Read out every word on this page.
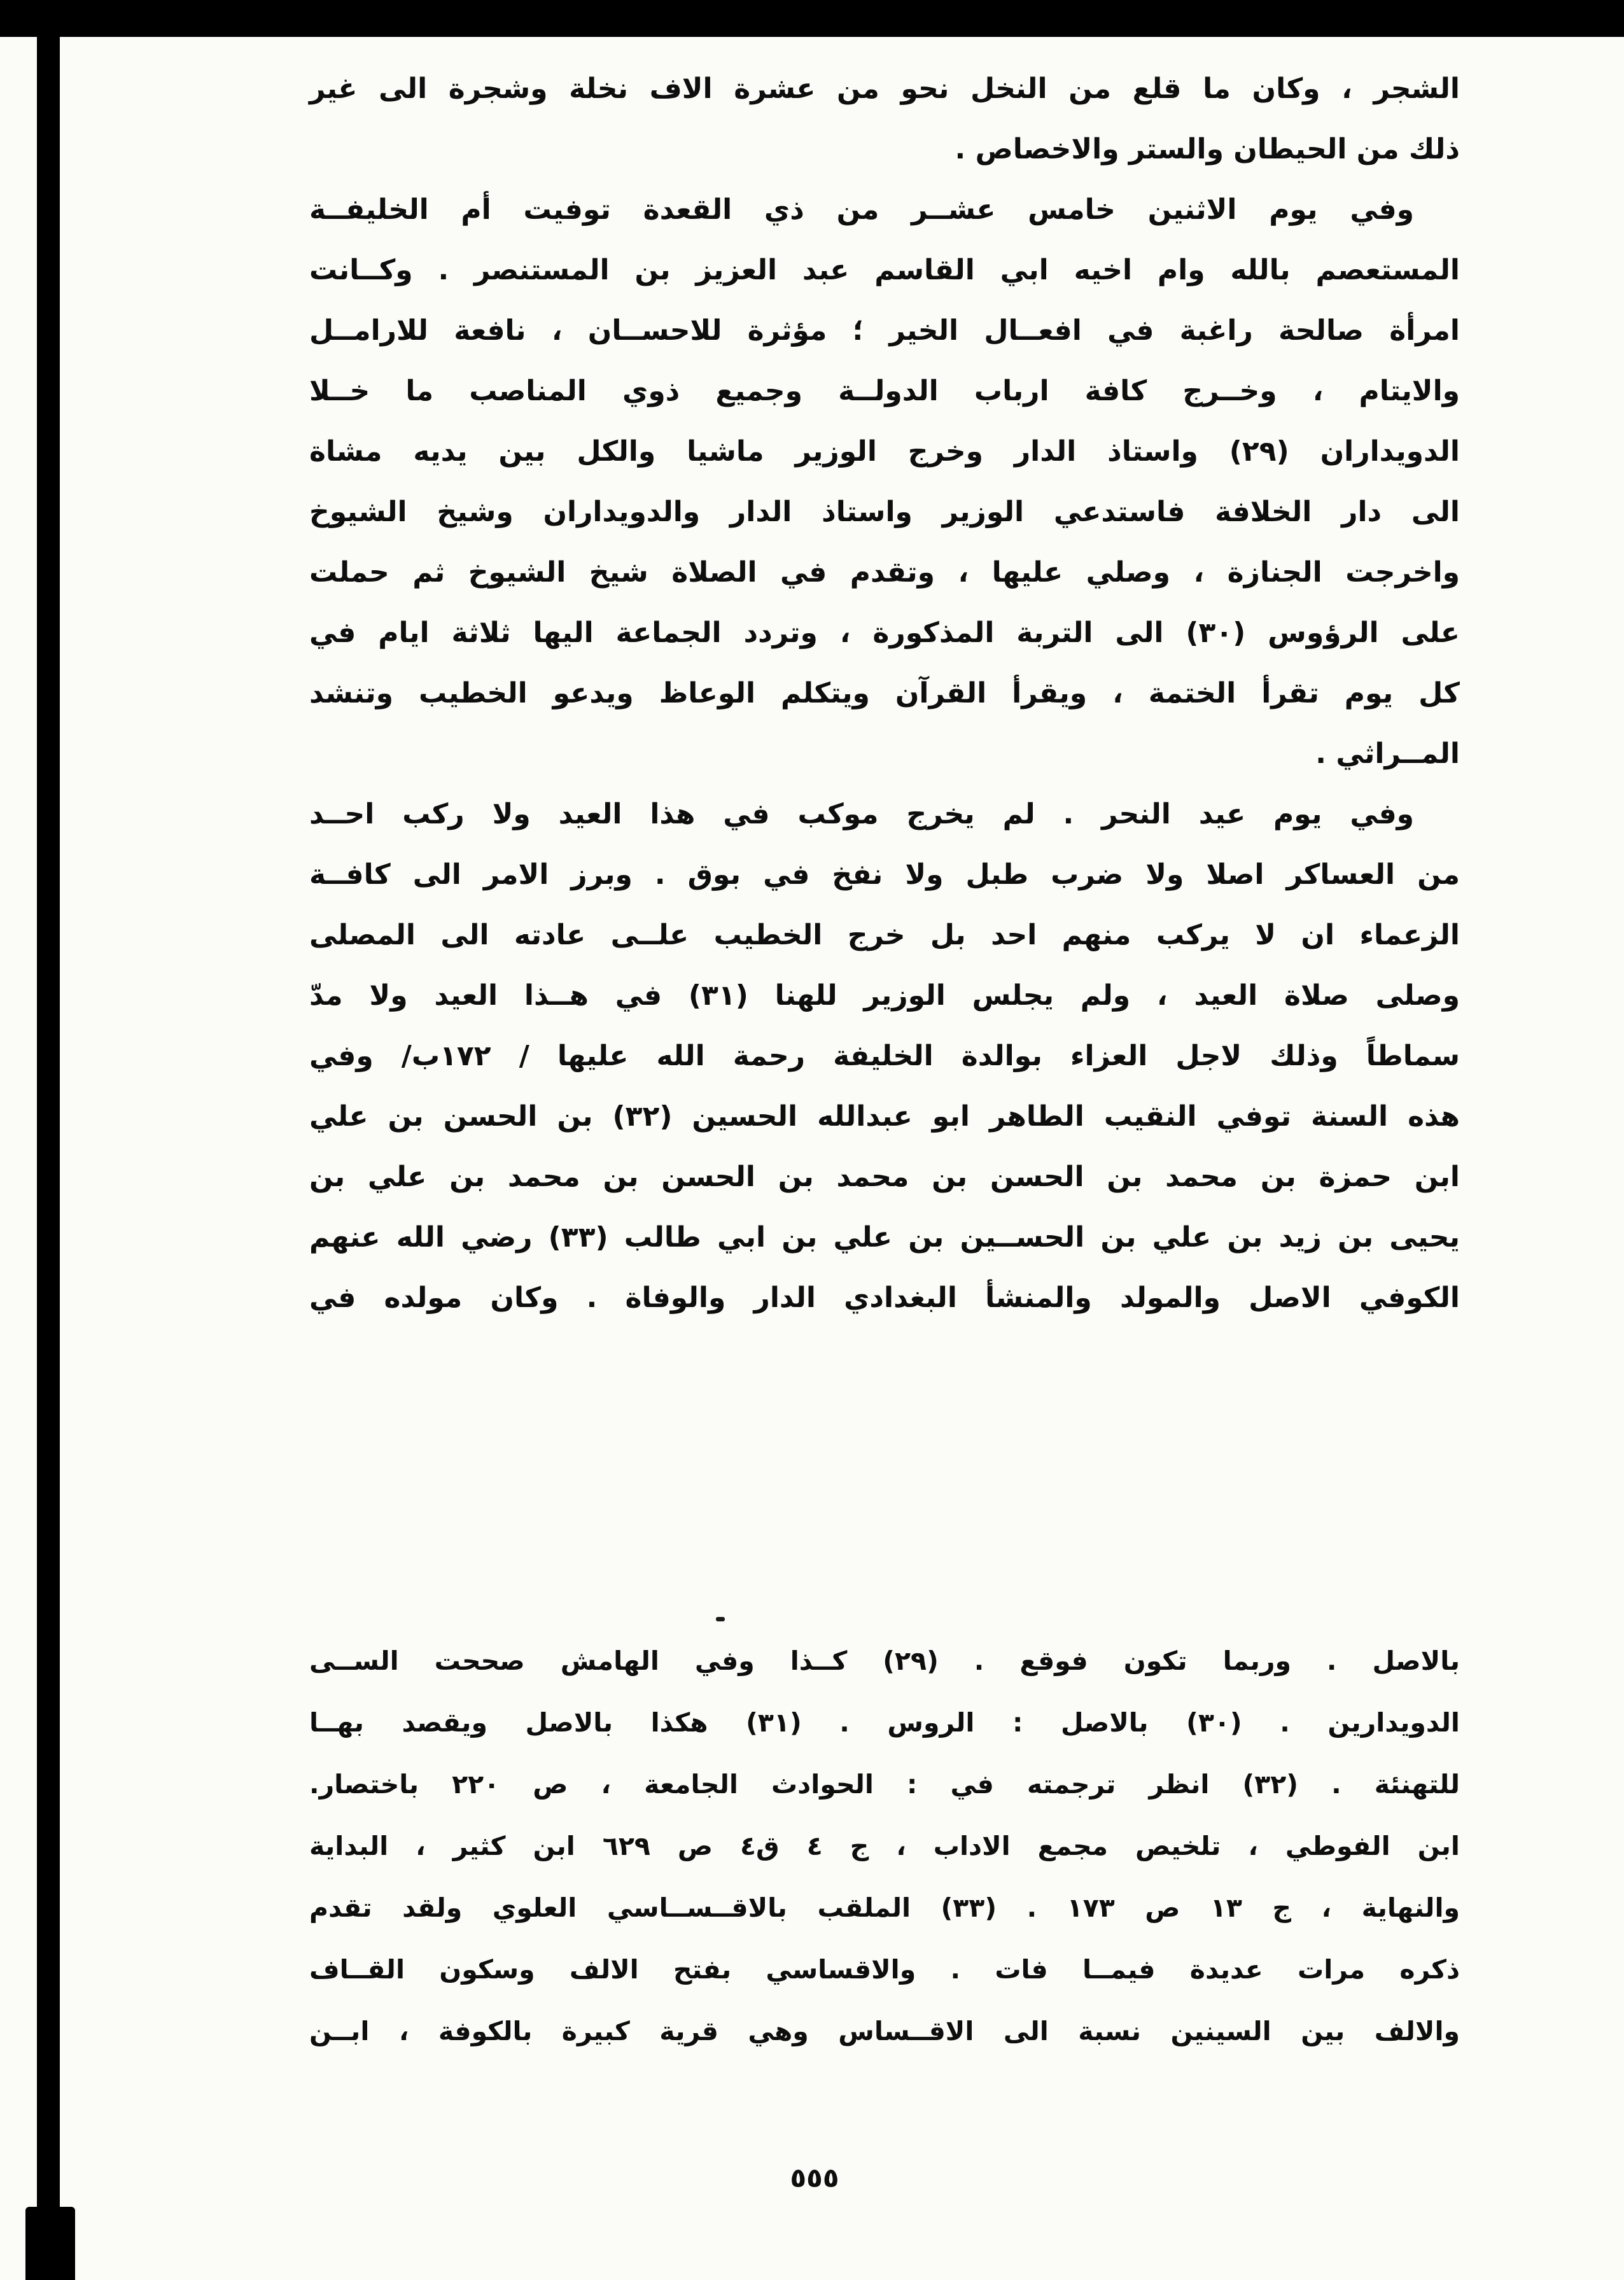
الشجر ، وكان ما قلع من النخل نحو من عشرة الاف نخلة وشجرة الى غير
ذلك من الحيطان والستر والاخصاص .
وفي يوم الاثنين خامس عشــر من ذي القعدة توفيت أم الخليفــة
المستعصم بالله وام اخيه ابي القاسم عبد العزيز بن المستنصر . وكــانت
امرأة صالحة راغبة في افعــال الخير ؛ مؤثرة للاحســان ، نافعة للارامــل
والايتام ، وخــرج كافة ارباب الدولــة وجميع ذوي المناصب ما خــلا
الدويداران (٢٩) واستاذ الدار وخرج الوزير ماشيا والكل بين يديه مشاة
الى دار الخلافة فاستدعي الوزير واستاذ الدار والدويداران وشيخ الشيوخ
واخرجت الجنازة ، وصلي عليها ، وتقدم في الصلاة شيخ الشيوخ ثم حملت
على الرؤوس (٣٠) الى التربة المذكورة ، وتردد الجماعة اليها ثلاثة ايام في
كل يوم تقرأ الختمة ، ويقرأ القرآن ويتكلم الوعاظ ويدعو الخطيب وتنشد
المــراثي .
وفي يوم عيد النحر . لم يخرج موكب في هذا العيد ولا ركب احــد
من العساكر اصلا ولا ضرب طبل ولا نفخ في بوق . وبرز الامر الى كافــة
الزعماء ان لا يركب منهم احد بل خرج الخطيب علــى عادته الى المصلى
وصلى صلاة العيد ، ولم يجلس الوزير للهنا (٣١) في هــذا العيد ولا مدّ
سماطاً وذلك لاجل العزاء بوالدة الخليفة رحمة الله عليها / ١٧٢ب/ وفي
هذه السنة توفي النقيب الطاهر ابو عبدالله الحسين (٣٢) بن الحسن بن علي
ابن حمزة بن محمد بن الحسن بن محمد بن الحسن بن محمد بن علي بن
يحيى بن زيد بن علي بن الحســين بن علي بن ابي طالب (٣٣) رضي الله عنهم
الكوفي الاصل والمولد والمنشأ البغدادي الدار والوفاة . وكان مولده في
بالاصل . وربما تكون فوقع . (٢٩) كــذا وفي الهامش صححت الســى
الدويدارين . (٣٠) بالاصل : الروس . (٣١) هكذا بالاصل ويقصد بهــا
للتهنئة . (٣٢) انظر ترجمته في : الحوادث الجامعة ، ص ٢٢٠ باختصار.
ابن الفوطي ، تلخيص مجمع الاداب ، ج ٤ ق٤ ص ٦٢٩ ابن كثير ، البداية
والنهاية ، ج ١٣ ص ١٧٣ . (٣٣) الملقب بالاقــســاسي العلوي ولقد تقدم
ذكره مرات عديدة فيمــا فات . والاقساسي بفتح الالف وسكون القــاف
والالف بين السينين نسبة الى الاقــساس وهي قرية كبيرة بالكوفة ، ابــن
٥٥٥
